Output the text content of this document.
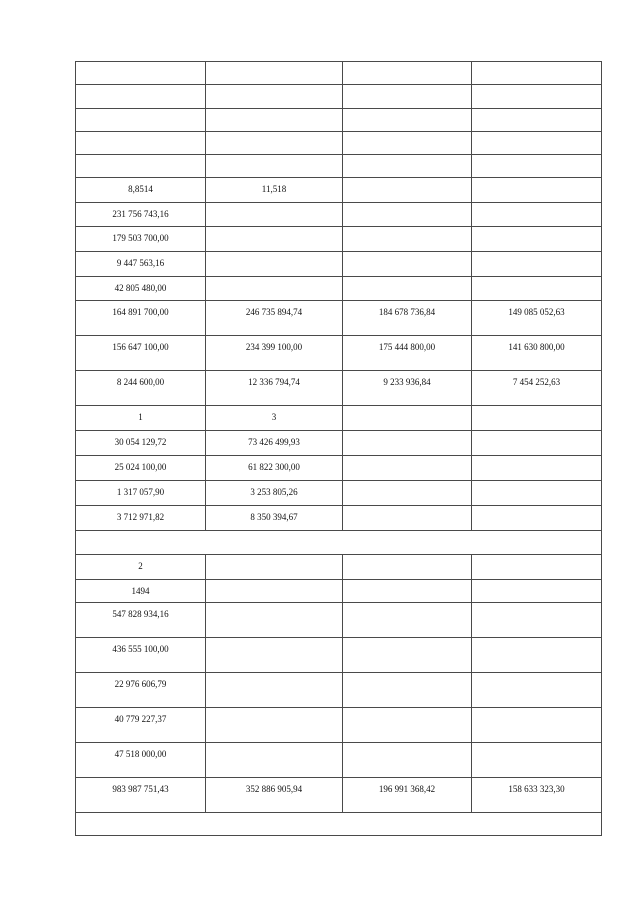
8,8514	11,518		

231 756 743,16			

179 503 700,00			

9 447 563,16			

42 805 480,00			

164 891 700,00	246 735 894,74	184 678 736,84	149 085 052,63

156 647 100,00	234 399 100,00	175 444 800,00	141 630 800,00

8 244 600,00	12 336 794,74	9 233 936,84	7 454 252,63

1	3		

30 054 129,72	73 426 499,93		

25 024 100,00	61 822 300,00		

1 317 057,90	3 253 805,26		

3 712 971,82	8 350 394,67		

2			

1494			

547 828 934,16			

436 555 100,00			

22 976 606,79			

40 779 227,37			

47 518 000,00			

983 987 751,43	352 886 905,94	196 991 368,42	158 633 323,30
